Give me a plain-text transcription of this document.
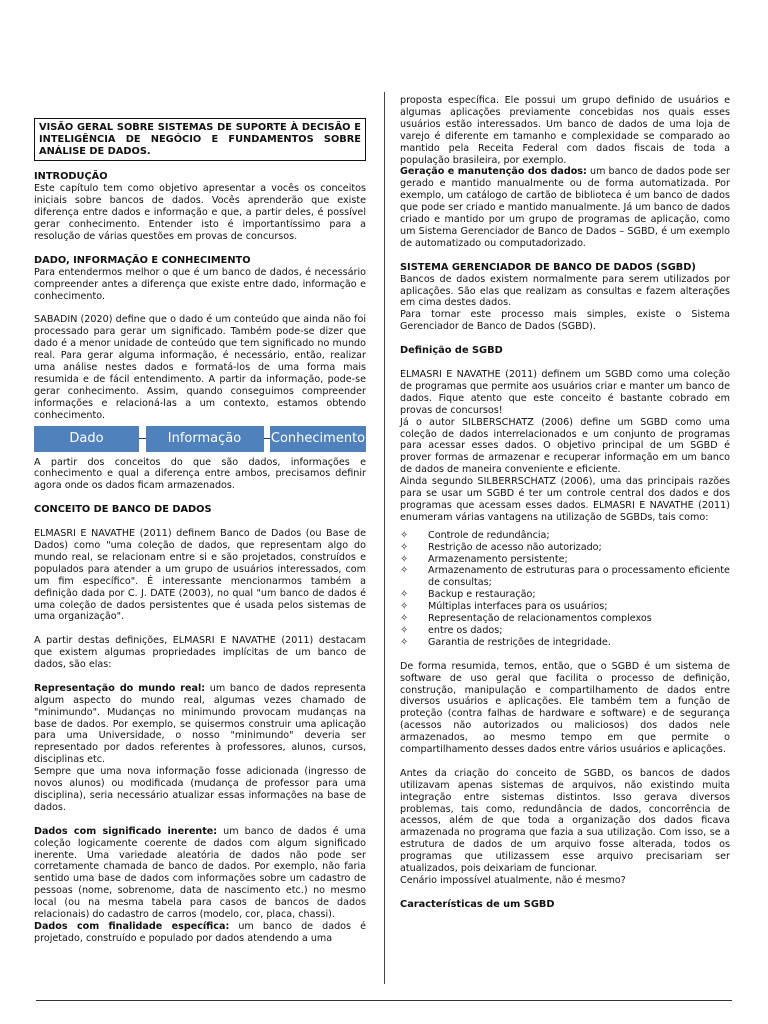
VISÃO GERAL SOBRE SISTEMAS DE SUPORTE À DECISÃO E INTELIGÊNCIA DE NEGÓCIO E FUNDAMENTOS SOBRE ANÁLISE DE DADOS.
INTRODUÇÃO

Este capítulo tem como objetivo apresentar a vocês os conceitos iniciais sobre bancos de dados. Vocês aprenderão que existe diferença entre dados e informação e que, a partir deles, é possível gerar conhecimento. Entender isto é importantíssimo para a resolução de várias questões em provas de concursos.

DADO, INFORMAÇÃO E CONHECIMENTO

Para entendermos melhor o que é um banco de dados, é necessário compreender antes a diferença que existe entre dado, informação e conhecimento.

SABADIN (2020) define que o dado é um conteúdo que ainda não foi processado para gerar um significado. Também pode-se dizer que dado é a menor unidade de conteúdo que tem significado no mundo real. Para gerar alguma informação, é necessário, então, realizar uma análise nestes dados e formatá-los de uma forma mais resumida e de fácil entendimento. A partir da informação, pode-se gerar conhecimento. Assim, quando conseguimos compreender informações e relacioná-las a um contexto, estamos obtendo conhecimento.

Dado	Informação	Conhecimento

A partir dos conceitos do que são dados, informações e conhecimento e qual a diferença entre ambos, precisamos definir agora onde os dados ficam armazenados.

CONCEITO DE BANCO DE DADOS

ELMASRI E NAVATHE (2011) definem Banco de Dados (ou Base de Dados) como "uma coleção de dados, que representam algo do mundo real, se relacionam entre si e são projetados, construídos e populados para atender a um grupo de usuários interessados, com um fim específico". É interessante mencionarmos também a definição dada por C. J. DATE (2003), no qual "um banco de dados é uma coleção de dados persistentes que é usada pelos sistemas de uma organização".

A partir destas definições, ELMASRI E NAVATHE (2011) destacam que existem algumas propriedades implícitas de um banco de dados, são elas:

Representação do mundo real: um banco de dados representa algum aspecto do mundo real, algumas vezes chamado de "minimundo". Mudanças no minimundo provocam mudanças na base de dados. Por exemplo, se quisermos construir uma aplicação para uma Universidade, o nosso "minimundo" deveria ser representado por dados referentes à professores, alunos, cursos, disciplinas etc.

Sempre que uma nova informação fosse adicionada (ingresso de novos alunos) ou modificada (mudança de professor para uma disciplina), seria necessário atualizar essas informações na base de dados.

Dados com significado inerente: um banco de dados é uma coleção logicamente coerente de dados com algum significado inerente. Uma variedade aleatória de dados não pode ser corretamente chamada de banco de dados. Por exemplo, não faria sentido uma base de dados com informações sobre um cadastro de pessoas (nome, sobrenome, data de nascimento etc.) no mesmo local (ou na mesma tabela para casos de bancos de dados relacionais) do cadastro de carros (modelo, cor, placa, chassi).

Dados com finalidade específica: um banco de dados é projetado, construído e populado por dados atendendo a uma

proposta específica. Ele possui um grupo definido de usuários e algumas aplicações previamente concebidas nos quais esses usuários estão interessados. Um banco de dados de uma loja de varejo é diferente em tamanho e complexidade se comparado ao mantido pela Receita Federal com dados fiscais de toda a população brasileira, por exemplo.

Geração e manutenção dos dados: um banco de dados pode ser gerado e mantido manualmente ou de forma automatizada. Por exemplo, um catálogo de cartão de biblioteca é um banco de dados que pode ser criado e mantido manualmente. Já um banco de dados criado e mantido por um grupo de programas de aplicação, como um Sistema Gerenciador de Banco de Dados – SGBD, é um exemplo de automatizado ou computadorizado.

SISTEMA GERENCIADOR DE BANCO DE DADOS (SGBD)

Bancos de dados existem normalmente para serem utilizados por aplicações. São elas que realizam as consultas e fazem alterações em cima destes dados.

Para tornar este processo mais simples, existe o Sistema Gerenciador de Banco de Dados (SGBD).

Definição de SGBD

ELMASRI E NAVATHE (2011) definem um SGBD como uma coleção de programas que permite aos usuários criar e manter um banco de dados. Fique atento que este conceito é bastante cobrado em provas de concursos!

Já o autor SILBERSCHATZ (2006) define um SGBD como uma coleção de dados interrelacionados e um conjunto de programas para acessar esses dados. O objetivo principal de um SGBD é prover formas de armazenar e recuperar informação em um banco de dados de maneira conveniente e eficiente.

Ainda segundo SILBERRSCHATZ (2006), uma das principais razões para se usar um SGBD é ter um controle central dos dados e dos programas que acessam esses dados. ELMASRI E NAVATHE (2011) enumeram várias vantagens na utilização de SGBDs, tais como:

✧ Controle de redundância;
✧ Restrição de acesso não autorizado;
✧ Armazenamento persistente;
✧ Armazenamento de estruturas para o processamento eficiente de consultas;
✧ Backup e restauração;
✧ Múltiplas interfaces para os usuários;
✧ Representação de relacionamentos complexos
✧ entre os dados;
✧ Garantia de restrições de integridade.

De forma resumida, temos, então, que o SGBD é um sistema de software de uso geral que facilita o processo de definição, construção, manipulação e compartilhamento de dados entre diversos usuários e aplicações. Ele também tem a função de proteção (contra falhas de hardware e software) e de segurança (acessos não autorizados ou maliciosos) dos dados nele armazenados, ao mesmo tempo em que permite o compartilhamento desses dados entre vários usuários e aplicações.

Antes da criação do conceito de SGBD, os bancos de dados utilizavam apenas sistemas de arquivos, não existindo muita integração entre sistemas distintos. Isso gerava diversos problemas, tais como, redundância de dados, concorrência de acessos, além de que toda a organização dos dados ficava armazenada no programa que fazia a sua utilização. Com isso, se a estrutura de dados de um arquivo fosse alterada, todos os programas que utilizassem esse arquivo precisariam ser atualizados, pois deixariam de funcionar.

Cenário impossível atualmente, não é mesmo?

Características de um SGBD
